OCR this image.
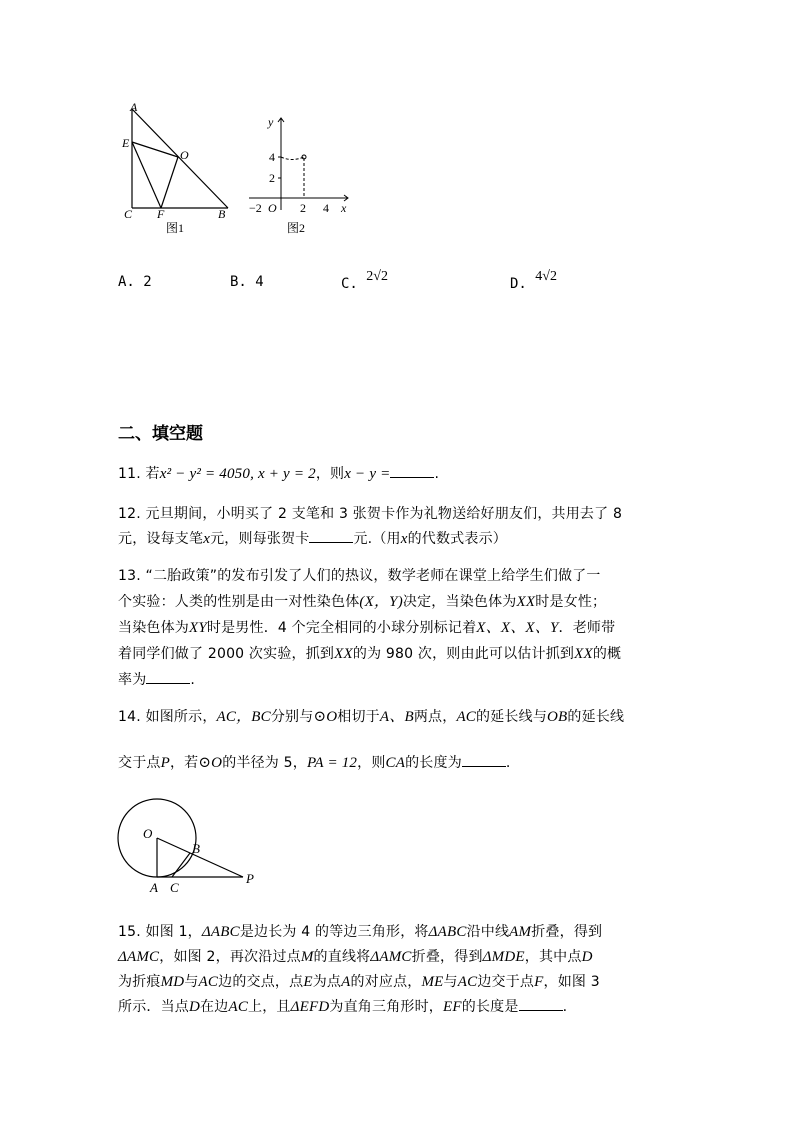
A
E
O
C F	B
图1
y
x
4
2
−2 O 2 4
图2
A. 2	B. 4	C. 2√2	D. 4√2
二、填空题
11. 若x² − y² = 4050, x + y = 2，则x − y =	.
12. 元旦期间，小明买了 2 支笔和 3 张贺卡作为礼物送给好朋友们，共用去了 8
元，设每支笔x元，则每张贺卡	元.（用x的代数式表示）
13. “二胎政策”的发布引发了人们的热议，数学老师在课堂上给学生们做了一
个实验：人类的性别是由一对性染色体(X，Y)决定，当染色体为XX时是女性；
当染色体为XY时是男性．4 个完全相同的小球分别标记着X、X、X、Y．老师带
着同学们做了 2000 次实验，抓到XX的为 980 次，则由此可以估计抓到XX的概
率为	.
14. 如图所示，AC，BC分别与⊙O相切于A、B两点，AC的延长线与OB的延长线
交于点P，若⊙O的半径为 5，PA = 12，则CA的长度为	.
O
B
A C
P
15. 如图 1，ΔABC是边长为 4 的等边三角形，将ΔABC沿中线AM折叠，得到
ΔAMC，如图 2，再次沿过点M的直线将ΔAMC折叠，得到ΔMDE，其中点D
为折痕MD与AC边的交点，点E为点A的对应点，ME与AC边交于点F，如图 3
所示．当点D在边AC上，且ΔEFD为直角三角形时，EF的长度是	.
